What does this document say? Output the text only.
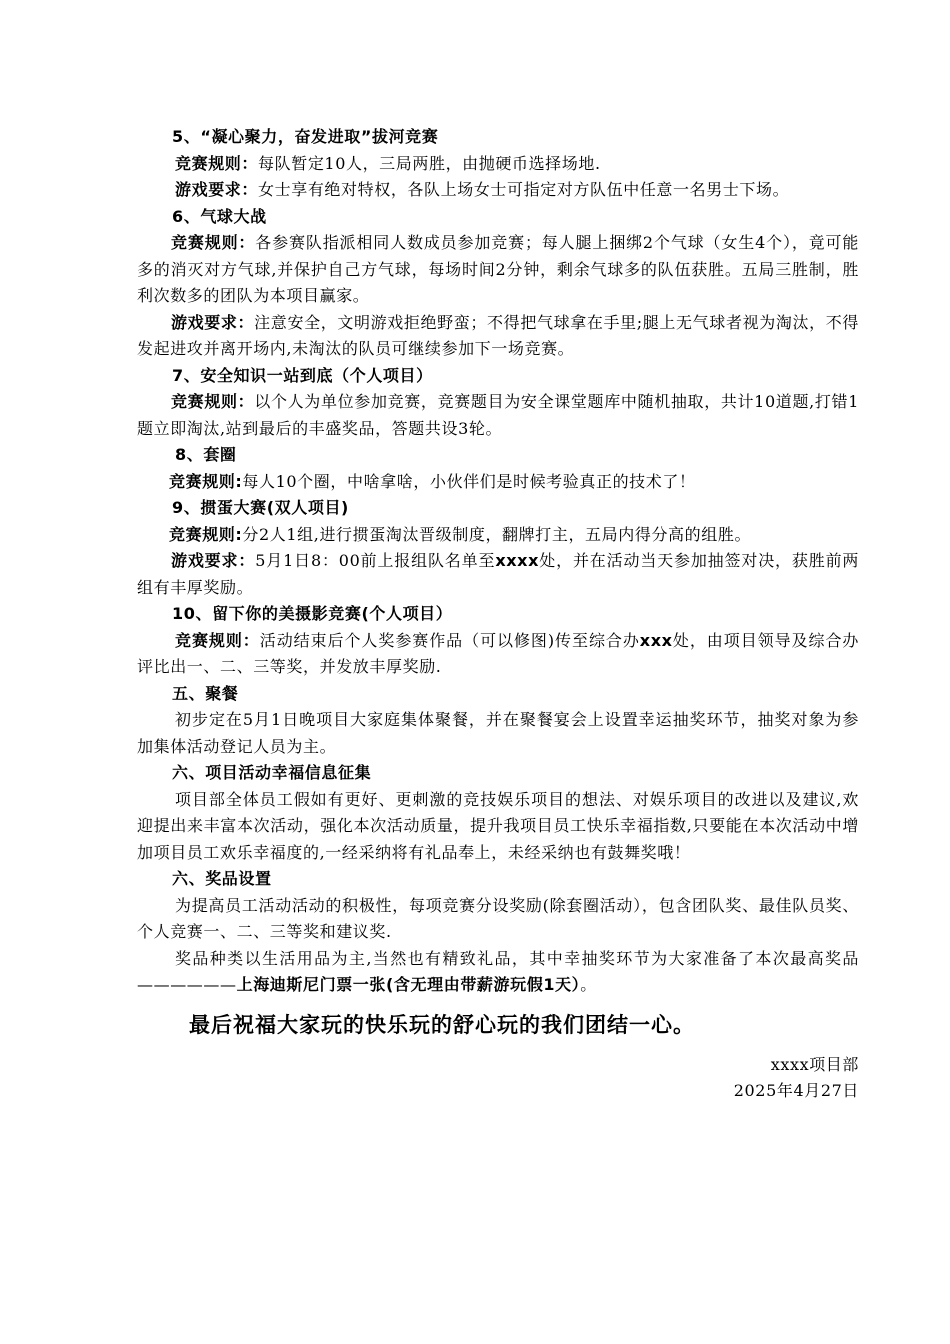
5、“凝心聚力，奋发进取”拔河竞赛
竞赛规则：每队暂定10人，三局两胜，由抛硬币选择场地.
游戏要求：女士享有绝对特权，各队上场女士可指定对方队伍中任意一名男士下场。
6、气球大战
竞赛规则：各参赛队指派相同人数成员参加竞赛；每人腿上捆绑2个气球（女生4个），竟可能多的消灭对方气球,并保护自己方气球，每场时间2分钟，剩余气球多的队伍获胜。五局三胜制，胜利次数多的团队为本项目赢家。
游戏要求：注意安全，文明游戏拒绝野蛮；不得把气球拿在手里;腿上无气球者视为淘汰，不得发起进攻并离开场内,未淘汰的队员可继续参加下一场竞赛。
7、安全知识一站到底（个人项目）
竞赛规则：以个人为单位参加竞赛，竞赛题目为安全课堂题库中随机抽取，共计10道题,打错1题立即淘汰,站到最后的丰盛奖品，答题共设3轮。
8、套圈
竞赛规则:每人10个圈，中啥拿啥，小伙伴们是时候考验真正的技术了！
9、掼蛋大赛(双人项目)
竞赛规则:分2人1组,进行掼蛋淘汰晋级制度，翻牌打主，五局内得分高的组胜。
游戏要求：5月1日8：00前上报组队名单至xxxx处，并在活动当天参加抽签对决，获胜前两组有丰厚奖励。
10、留下你的美摄影竞赛(个人项目）
竞赛规则：活动结束后个人奖参赛作品（可以修图)传至综合办xxx处，由项目领导及综合办评比出一、二、三等奖，并发放丰厚奖励.
五、聚餐
初步定在5月1日晚项目大家庭集体聚餐，并在聚餐宴会上设置幸运抽奖环节，抽奖对象为参加集体活动登记人员为主。
六、项目活动幸福信息征集
项目部全体员工假如有更好、更刺激的竞技娱乐项目的想法、对娱乐项目的改进以及建议,欢迎提出来丰富本次活动，强化本次活动质量，提升我项目员工快乐幸福指数,只要能在本次活动中增加项目员工欢乐幸福度的,一经采纳将有礼品奉上，未经采纳也有鼓舞奖哦！
六、奖品设置
为提高员工活动活动的积极性，每项竞赛分设奖励(除套圈活动），包含团队奖、最佳队员奖、个人竞赛一、二、三等奖和建议奖.
奖品种类以生活用品为主,当然也有精致礼品，其中幸抽奖环节为大家准备了本次最高奖品——————上海迪斯尼门票一张(含无理由带薪游玩假1天）。
最后祝福大家玩的快乐玩的舒心玩的我们团结一心。
xxxx项目部
2025年4月27日
